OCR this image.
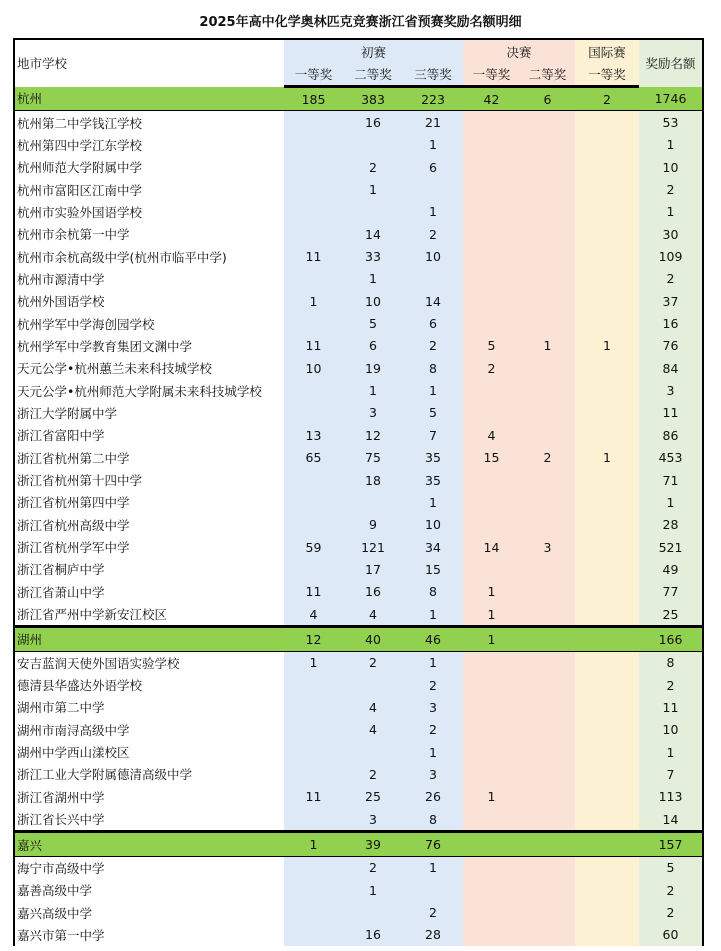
2025年高中化学奥林匹克竞赛浙江省预赛奖励名额明细
地市学校	初赛			决赛		国际赛	奖励名额
	一等奖	二等奖	三等奖	一等奖	二等奖	一等奖	
杭州	185	383	223	42	6	2	1746
杭州第二中学钱江学校		16	21				53
杭州第四中学江东学校			1				1
杭州师范大学附属中学		2	6				10
杭州市富阳区江南中学		1					2
杭州市实验外国语学校			1				1
杭州市余杭第一中学		14	2				30
杭州市余杭高级中学(杭州市临平中学)	11	33	10				109
杭州市源清中学		1					2
杭州外国语学校	1	10	14				37
杭州学军中学海创园学校		5	6				16
杭州学军中学教育集团文渊中学	11	6	2	5	1	1	76
天元公学•杭州蕙兰未来科技城学校	10	19	8	2			84
天元公学•杭州师范大学附属未来科技城学校		1	1				3
浙江大学附属中学		3	5				11
浙江省富阳中学	13	12	7	4			86
浙江省杭州第二中学	65	75	35	15	2	1	453
浙江省杭州第十四中学		18	35				71
浙江省杭州第四中学			1				1
浙江省杭州高级中学		9	10				28
浙江省杭州学军中学	59	121	34	14	3		521
浙江省桐庐中学		17	15				49
浙江省萧山中学	11	16	8	1			77
浙江省严州中学新安江校区	4	4	1	1			25
湖州	12	40	46	1			166
安吉蓝润天使外国语实验学校	1	2	1				8
德清县华盛达外语学校			2				2
湖州市第二中学		4	3				11
湖州市南浔高级中学		4	2				10
湖州中学西山漾校区			1				1
浙江工业大学附属德清高级中学		2	3				7
浙江省湖州中学	11	25	26	1			113
浙江省长兴中学		3	8				14
嘉兴	1	39	76				157
海宁市高级中学		2	1				5
嘉善高级中学		1					2
嘉兴高级中学			2				2
嘉兴市第一中学		16	28				60
